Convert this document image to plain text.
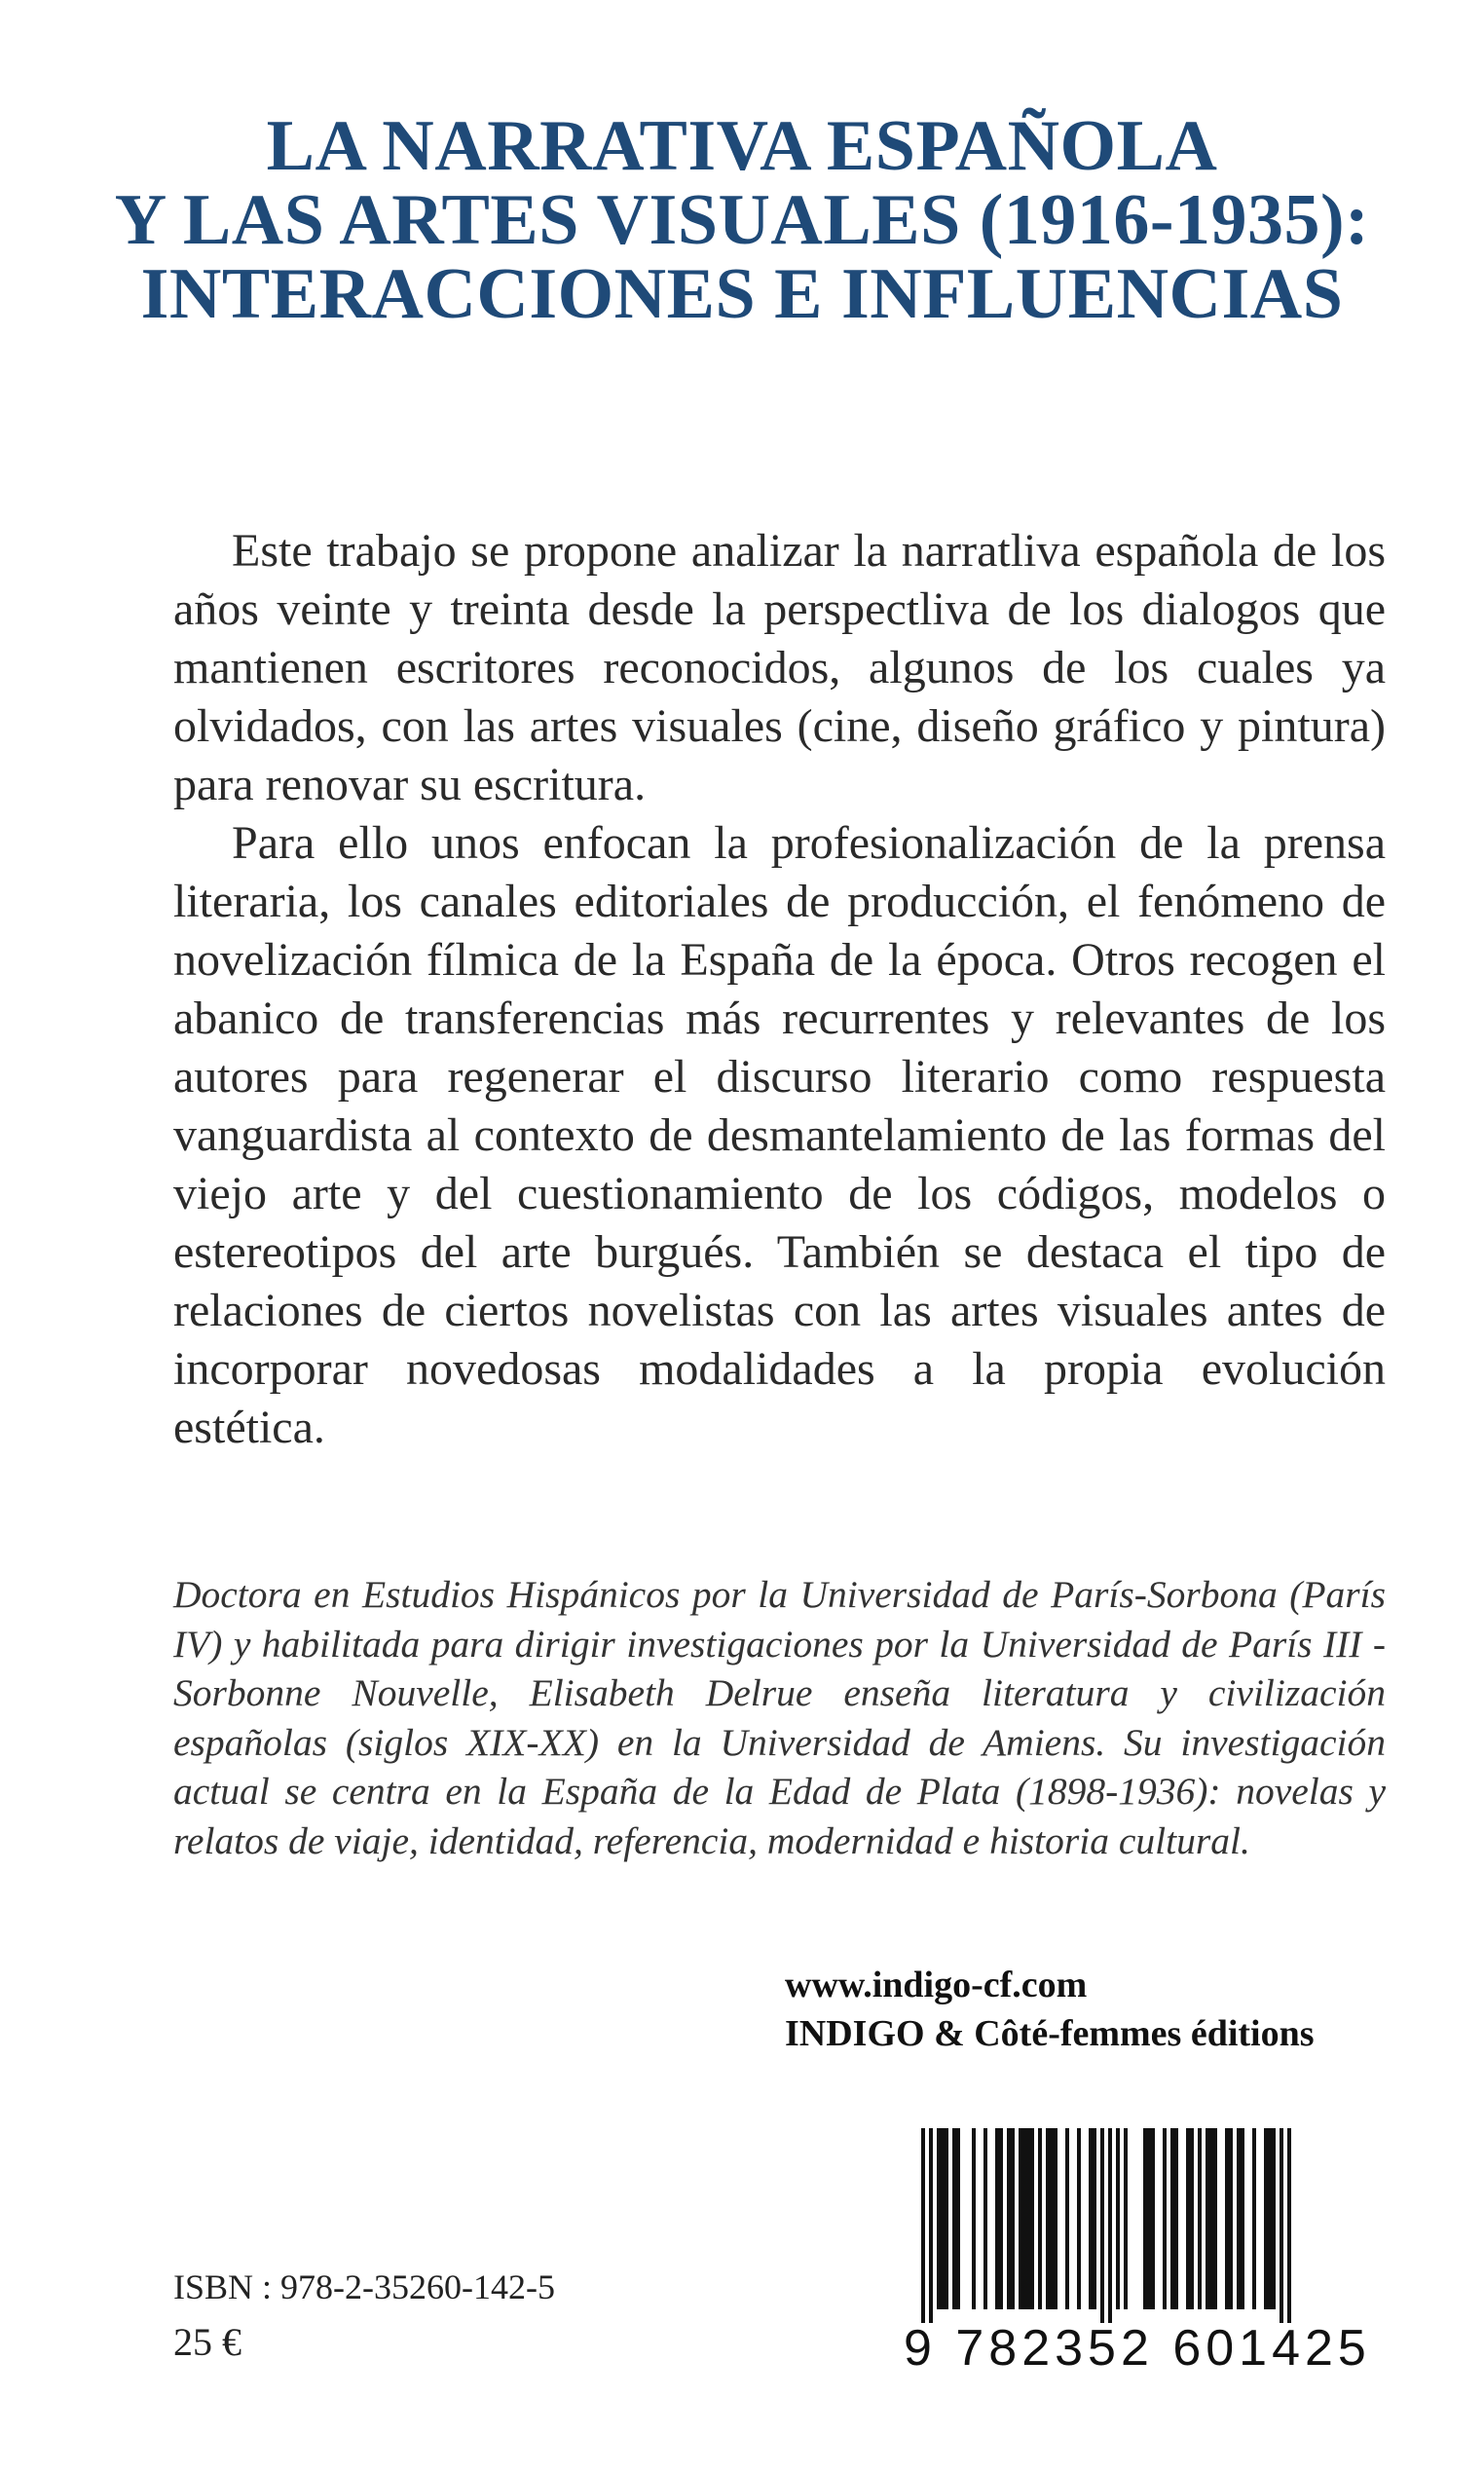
LA NARRATIVA ESPAÑOLA
Y LAS ARTES VISUALES (1916-1935):
INTERACCIONES E INFLUENCIAS

Este trabajo se propone analizar la narratliva española de los años veinte y treinta desde la perspectliva de los dialogos que mantienen escritores reconocidos, algunos de los cuales ya olvidados, con las artes visuales (cine, diseño gráfico y pintura) para renovar su escritura.

Para ello unos enfocan la profesionalización de la prensa literaria, los canales editoriales de producción, el fenómeno de novelización fílmica de la España de la época. Otros recogen el abanico de transferencias más recurrentes y relevantes de los autores para regenerar el discurso literario como respuesta vanguardista al contexto de desmantelamiento de las formas del viejo arte y del cuestionamiento de los códigos, modelos o estereotipos del arte burgués. También se destaca el tipo de relaciones de ciertos novelistas con las artes visuales antes de incorporar novedosas modalidades a la propia evolución estética.

Doctora en Estudios Hispánicos por la Universidad de París-Sorbona (París IV) y habilitada para dirigir investigaciones por la Universidad de París III - Sorbonne Nouvelle, Elisabeth Delrue enseña literatura y civilización españolas (siglos XIX-XX) en la Universidad de Amiens. Su investigación actual se centra en la España de la Edad de Plata (1898-1936): novelas y relatos de viaje, identidad, referencia, modernidad e historia cultural.

www.indigo-cf.com
INDIGO & Côté-femmes éditions
ISBN : 978-2-35260-142-5
25 €	9 782352 601425
